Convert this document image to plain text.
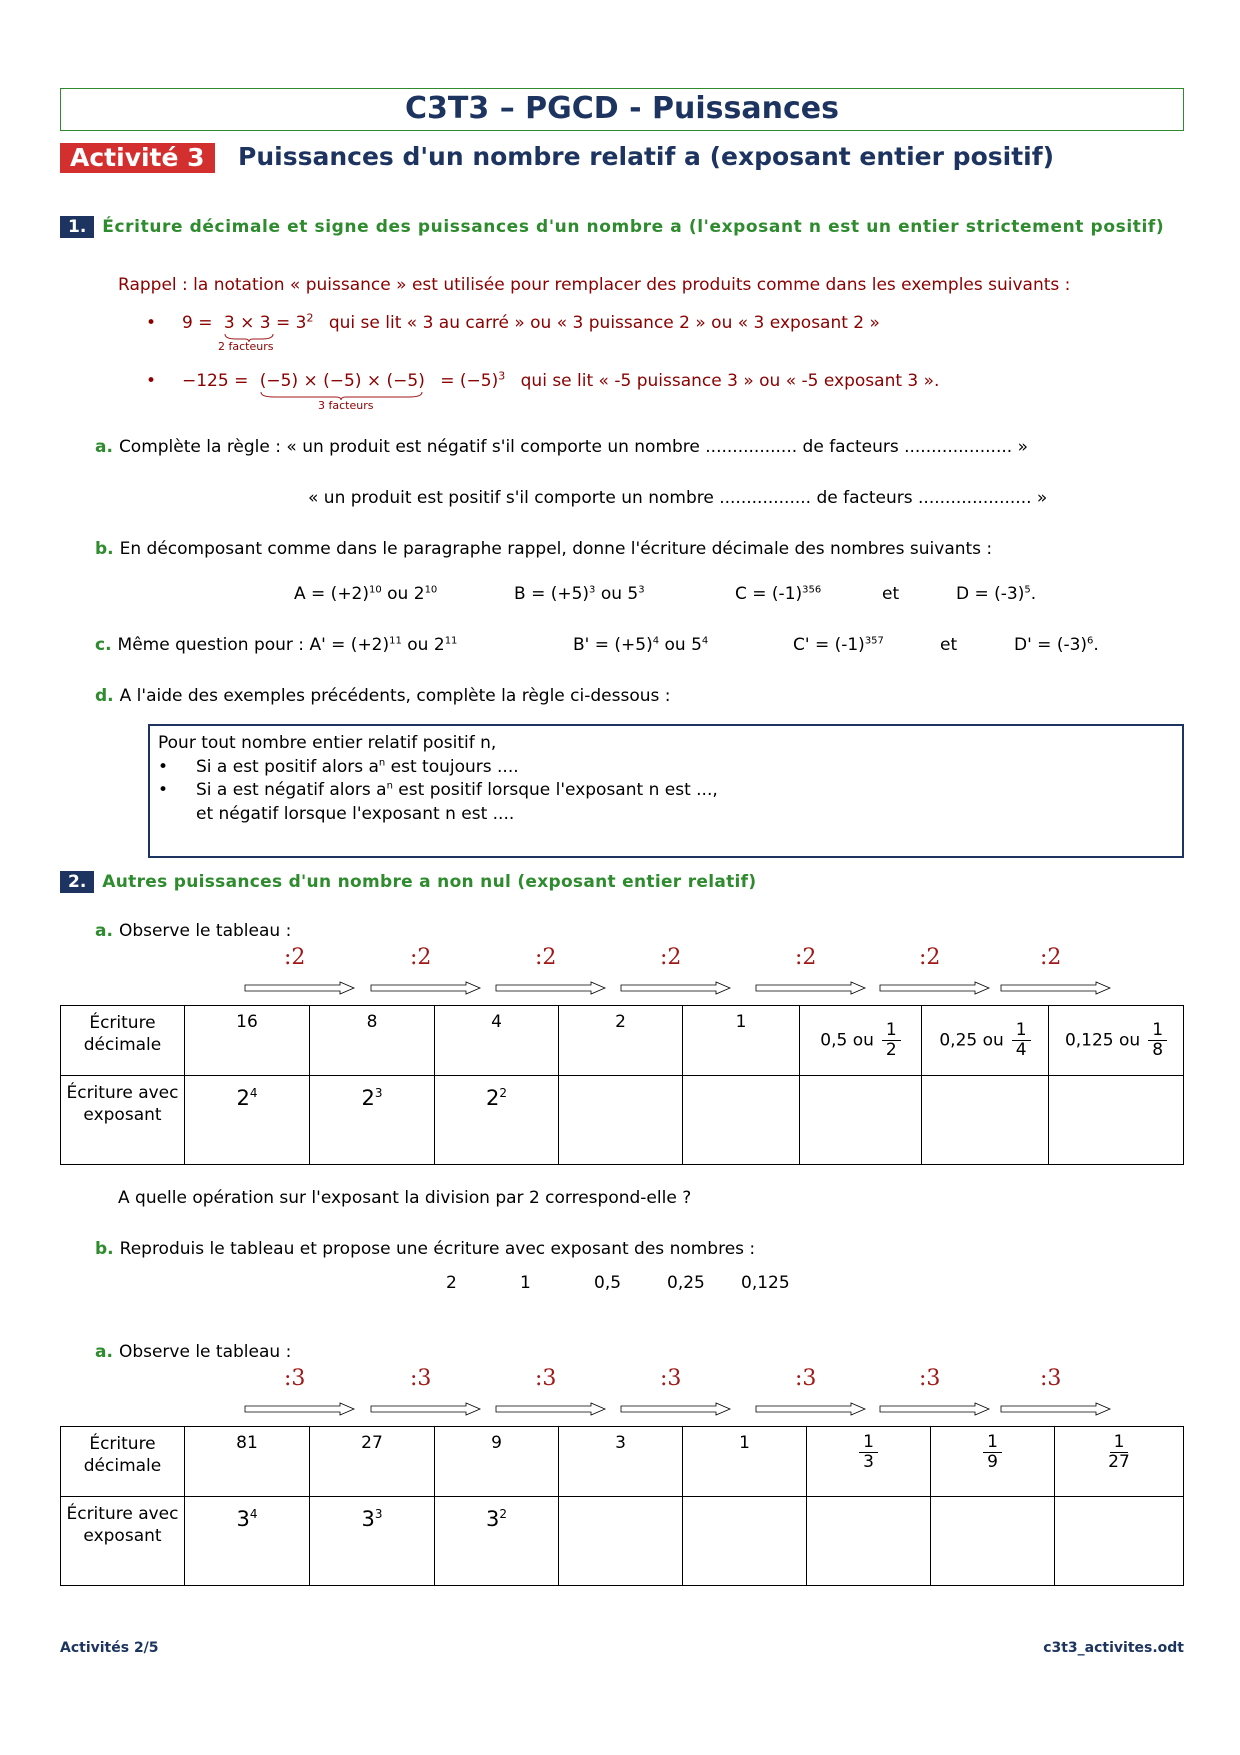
C3T3 – PGCD - Puissances
Activité 3	Puissances d'un nombre relatif a (exposant entier positif)
1. Écriture décimale et signe des puissances d'un nombre a (l'exposant n est un entier strictement positif)
Rappel : la notation « puissance » est utilisée pour remplacer des produits comme dans les exemples suivants :
• $9 = 3 \times 3 = 3^2$ qui se lit « 3 au carré » ou « 3 puissance 2 » ou « 3 exposant 2 »
2 facteurs
• $-125 = (-5) \times (-5) \times (-5) = (-5)^3$ qui se lit « -5 puissance 3 » ou « -5 exposant 3 ».
3 facteurs
a. Complète la règle : « un produit est négatif s'il comporte un nombre ................. de facteurs .................... »
« un produit est positif s'il comporte un nombre ................. de facteurs ..................... »
b. En décomposant comme dans le paragraphe rappel, donne l'écriture décimale des nombres suivants :
$A = (+2)^{10}$ ou $2^{10}$	$B = (+5)^3$ ou $5^3$	$C = (-1)^{356}$	et	$D = (-3)^5$.
c. Même question pour : $A' = (+2)^{11}$ ou $2^{11}$	$B' = (+5)^4$ ou $5^4$	$C' = (-1)^{357}$	et	$D' = (-3)^6$.
d. A l'aide des exemples précédents, complète la règle ci-dessous :
Pour tout nombre entier relatif positif n,
• Si a est positif alors $a^n$ est toujours ....
• Si a est négatif alors $a^n$ est positif lorsque l'exposant n est ...,
et négatif lorsque l'exposant n est ....
2. Autres puissances d'un nombre a non nul (exposant entier relatif)
a. Observe le tableau :
:2	:2	:2	:2	:2	:2	:2
Écriture décimale	16	8	4	2	1	0,5 ou $\frac{1}{2}$	0,25 ou $\frac{1}{4}$	0,125 ou $\frac{1}{8}$

Écriture avec exposant	$2^4$	$2^3$	$2^2$					
A quelle opération sur l'exposant la division par 2 correspond-elle ?
b. Reproduis le tableau et propose une écriture avec exposant des nombres :
2	1	0,5	0,25 0,125
a. Observe le tableau :
:3	:3	:3	:3	:3	:3	:3
Écriture décimale	81	27	9	3	1	$\frac{1}{3}$	$\frac{1}{9}$	$\frac{1}{27}$

Écriture avec exposant	$3^4$	$3^3$	$3^2$					
Activités 2/5	c3t3_activites.odt
